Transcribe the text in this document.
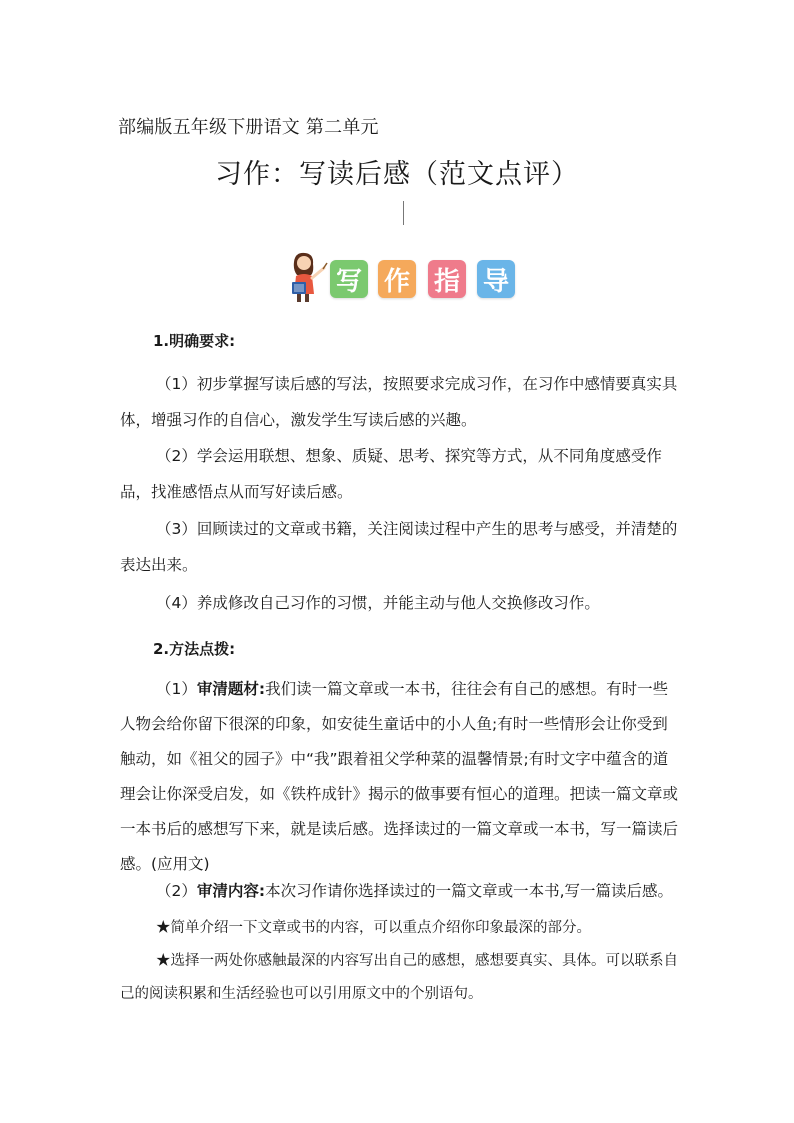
部编版五年级下册语文 第二单元
习作：写读后感（范文点评）
写 作 指 导
1.明确要求:

（1）初步掌握写读后感的写法，按照要求完成习作，在习作中感情要真实具体，增强习作的自信心，激发学生写读后感的兴趣。

（2）学会运用联想、想象、质疑、思考、探究等方式，从不同角度感受作品，找准感悟点从而写好读后感。

（3）回顾读过的文章或书籍，关注阅读过程中产生的思考与感受，并清楚的表达出来。

（4）养成修改自己习作的习惯，并能主动与他人交换修改习作。

2.方法点拨:

（1）审清题材:我们读一篇文章或一本书，往往会有自己的感想。有时一些人物会给你留下很深的印象，如安徒生童话中的小人鱼;有时一些情形会让你受到触动，如《祖父的园子》中“我”跟着祖父学种菜的温馨情景;有时文字中蕴含的道理会让你深受启发，如《铁杵成针》揭示的做事要有恒心的道理。把读一篇文章或一本书后的感想写下来，就是读后感。选择读过的一篇文章或一本书，写一篇读后感。(应用文)

（2）审清内容:本次习作请你选择读过的一篇文章或一本书,写一篇读后感。

★简单介绍一下文章或书的内容，可以重点介绍你印象最深的部分。

★选择一两处你感触最深的内容写出自己的感想，感想要真实、具体。可以联系自己的阅读积累和生活经验也可以引用原文中的个别语句。
